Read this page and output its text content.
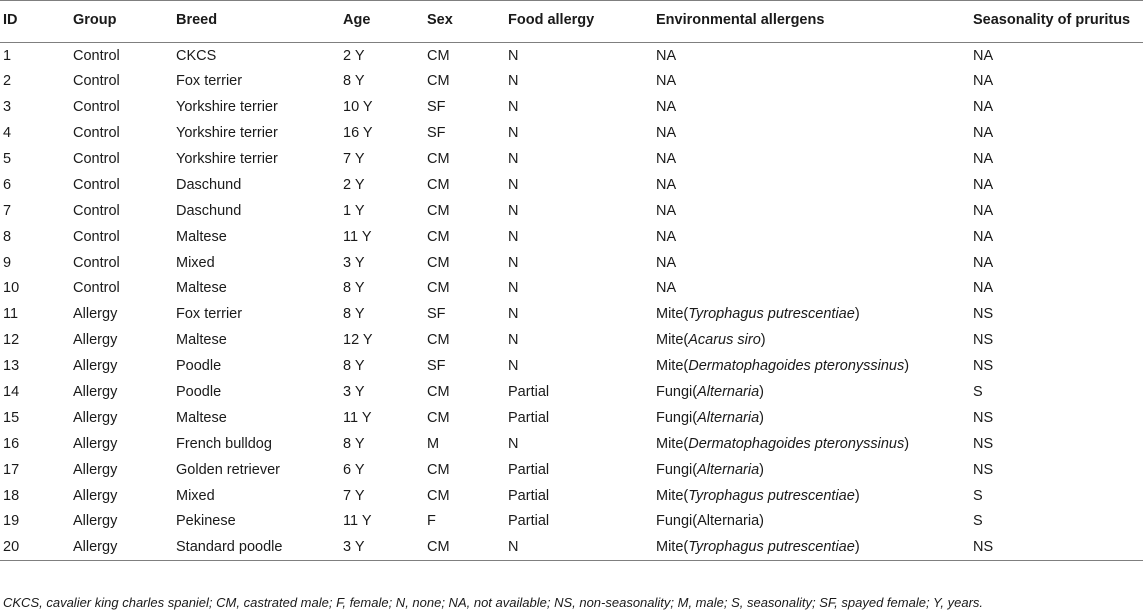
ID	Group	Breed	Age	Sex	Food allergy	Environmental allergens	Seasonality of pruritus
1	Control	CKCS	2 Y	CM	N	NA	NA
2	Control	Fox terrier	8 Y	CM	N	NA	NA
3	Control	Yorkshire terrier	10 Y	SF	N	NA	NA
4	Control	Yorkshire terrier	16 Y	SF	N	NA	NA
5	Control	Yorkshire terrier	7 Y	CM	N	NA	NA
6	Control	Daschund	2 Y	CM	N	NA	NA
7	Control	Daschund	1 Y	CM	N	NA	NA
8	Control	Maltese	11 Y	CM	N	NA	NA
9	Control	Mixed	3 Y	CM	N	NA	NA
10	Control	Maltese	8 Y	CM	N	NA	NA
11	Allergy	Fox terrier	8 Y	SF	N	Mite(Tyrophagus putrescentiae)	NS
12	Allergy	Maltese	12 Y	CM	N	Mite(Acarus siro)	NS
13	Allergy	Poodle	8 Y	SF	N	Mite(Dermatophagoides pteronyssinus)	NS
14	Allergy	Poodle	3 Y	CM	Partial	Fungi(Alternaria)	S
15	Allergy	Maltese	11 Y	CM	Partial	Fungi(Alternaria)	NS
16	Allergy	French bulldog	8 Y	M	N	Mite(Dermatophagoides pteronyssinus)	NS
17	Allergy	Golden retriever	6 Y	CM	Partial	Fungi(Alternaria)	NS
18	Allergy	Mixed	7 Y	CM	Partial	Mite(Tyrophagus putrescentiae)	S
19	Allergy	Pekinese	11 Y	F	Partial	Fungi(Alternaria)	S
20	Allergy	Standard poodle	3 Y	CM	N	Mite(Tyrophagus putrescentiae)	NS
CKCS, cavalier king charles spaniel; CM, castrated male; F, female; N, none; NA, not available; NS, non-seasonality; M, male; S, seasonality; SF, spayed female; Y, years.
